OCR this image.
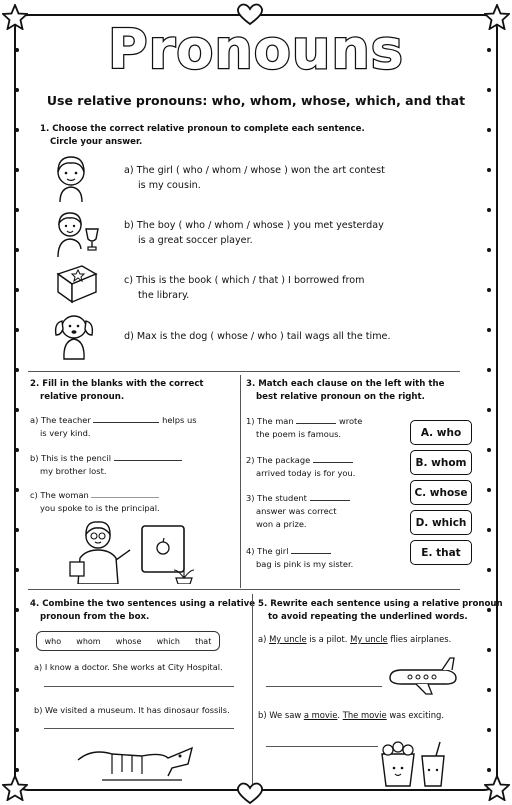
Pronouns
Use relative pronouns: who, whom, whose, which, and that
1. Choose the correct relative pronoun to complete each sentence.
Circle your answer.
a) The girl ( who / whom / whose ) won the art contest
is my cousin.
b) The boy ( who / whom / whose ) you met yesterday
is a great soccer player.
c) This is the book ( which / that ) I borrowed from
the library.
d) Max is the dog ( whose / who ) tail wags all the time.
2. Fill in the blanks with the correct
relative pronoun.
a) The teacher	helps us
is very kind.
b) This is the pencil
my brother lost.
c) The woman
you spoke to is the principal.
3. Match each clause on the left with the
best relative pronoun on the right.
1) The man	wrote
the poem is famous.
2) The package
arrived today is for you.
3) The student
answer was correct
won a prize.
4) The girl
bag is pink is my sister.
A. who
B. whom
C. whose
D. which
E. that
4. Combine the two sentences using a relative
pronoun from the box.
who whom whose which that
a) I know a doctor. She works at City Hospital.
b) We visited a museum. It has dinosaur fossils.
5. Rewrite each sentence using a relative pronoun
to avoid repeating the underlined words.
a) My uncle is a pilot. My uncle flies airplanes.
b) We saw a movie. The movie was exciting.
